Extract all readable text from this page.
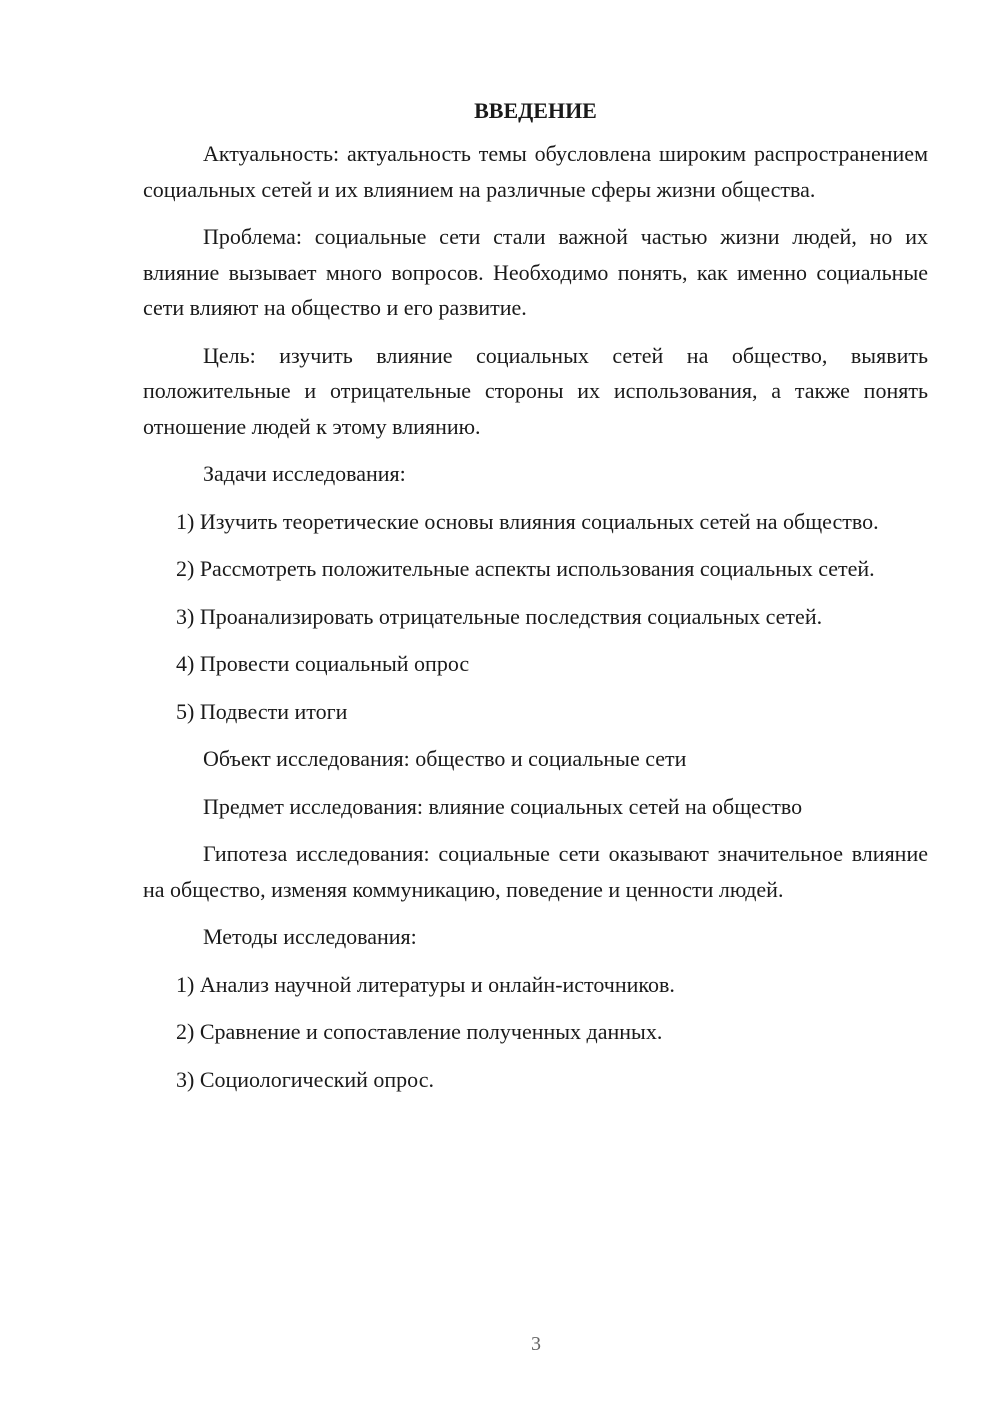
ВВЕДЕНИЕ

Актуальность: актуальность темы обусловлена широким распространением социальных сетей и их влиянием на различные сферы жизни общества.

Проблема: социальные сети стали важной частью жизни людей, но их влияние вызывает много вопросов. Необходимо понять, как именно социальные сети влияют на общество и его развитие.

Цель: изучить влияние социальных сетей на общество, выявить положительные и отрицательные стороны их использования, а также понять отношение людей к этому влиянию.

Задачи исследования:

1) Изучить теоретические основы влияния социальных сетей на общество.

2) Рассмотреть положительные аспекты использования социальных сетей.

3) Проанализировать отрицательные последствия социальных сетей.

4) Провести социальный опрос

5) Подвести итоги

Объект исследования: общество и социальные сети

Предмет исследования: влияние социальных сетей на общество

Гипотеза исследования: социальные сети оказывают значительное влияние на общество, изменяя коммуникацию, поведение и ценности людей.

Методы исследования:

1) Анализ научной литературы и онлайн-источников.

2) Сравнение и сопоставление полученных данных.

3) Социологический опрос.

3
